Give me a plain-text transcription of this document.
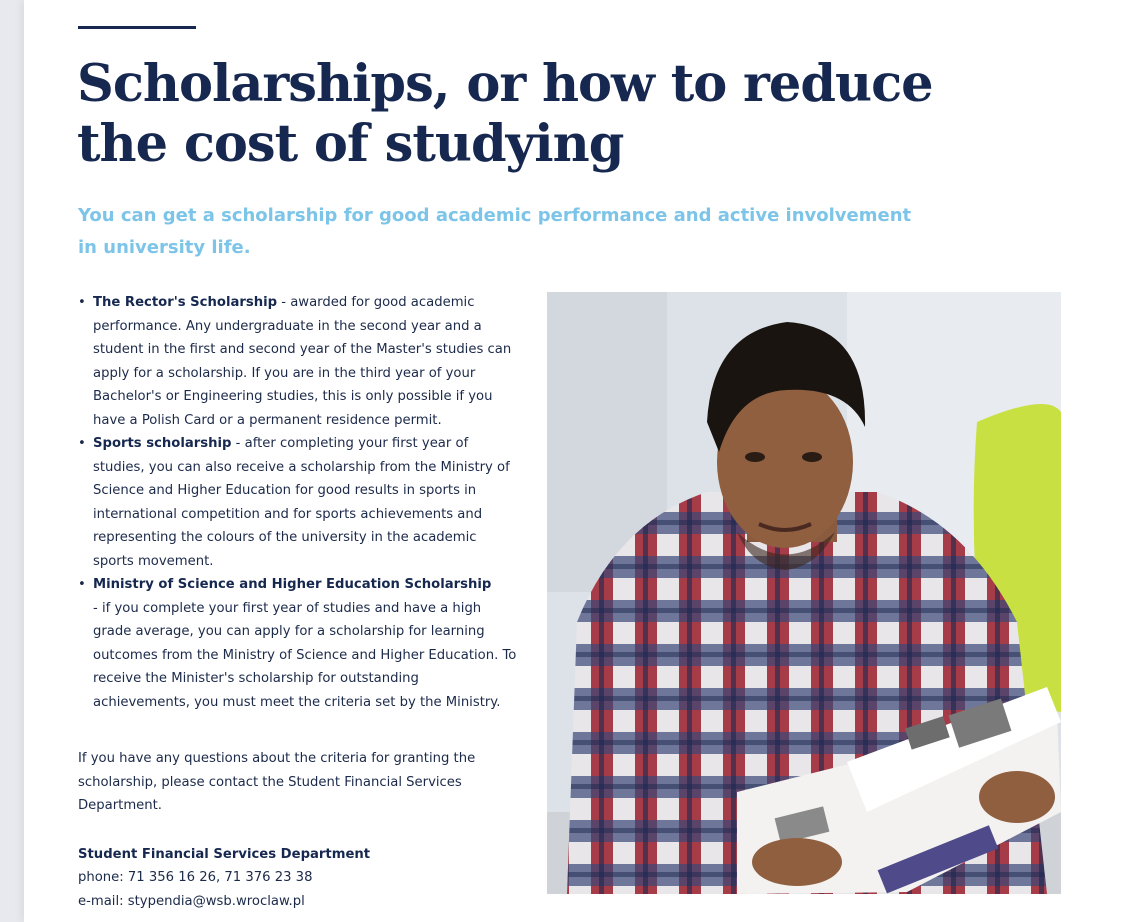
Scholarships, or how to reduce the cost of studying

You can get a scholarship for good academic performance and active involvement in university life.

• The Rector's Scholarship - awarded for good academic performance. Any undergraduate in the second year and a student in the first and second year of the Master's studies can apply for a scholarship. If you are in the third year of your Bachelor's or Engineering studies, this is only possible if you have a Polish Card or a permanent residence permit.
• Sports scholarship - after completing your first year of studies, you can also receive a scholarship from the Ministry of Science and Higher Education for good results in sports in international competition and for sports achievements and representing the colours of the university in the academic sports movement.
• Ministry of Science and Higher Education Scholarship
- if you complete your first year of studies and have a high grade average, you can apply for a scholarship for learning outcomes from the Ministry of Science and Higher Education. To receive the Minister's scholarship for outstanding achievements, you must meet the criteria set by the Ministry.

If you have any questions about the criteria for granting the scholarship, please contact the Student Financial Services Department.

Student Financial Services Department
phone: 71 356 16 26, 71 376 23 38
e-mail: stypendia@wsb.wroclaw.pl
